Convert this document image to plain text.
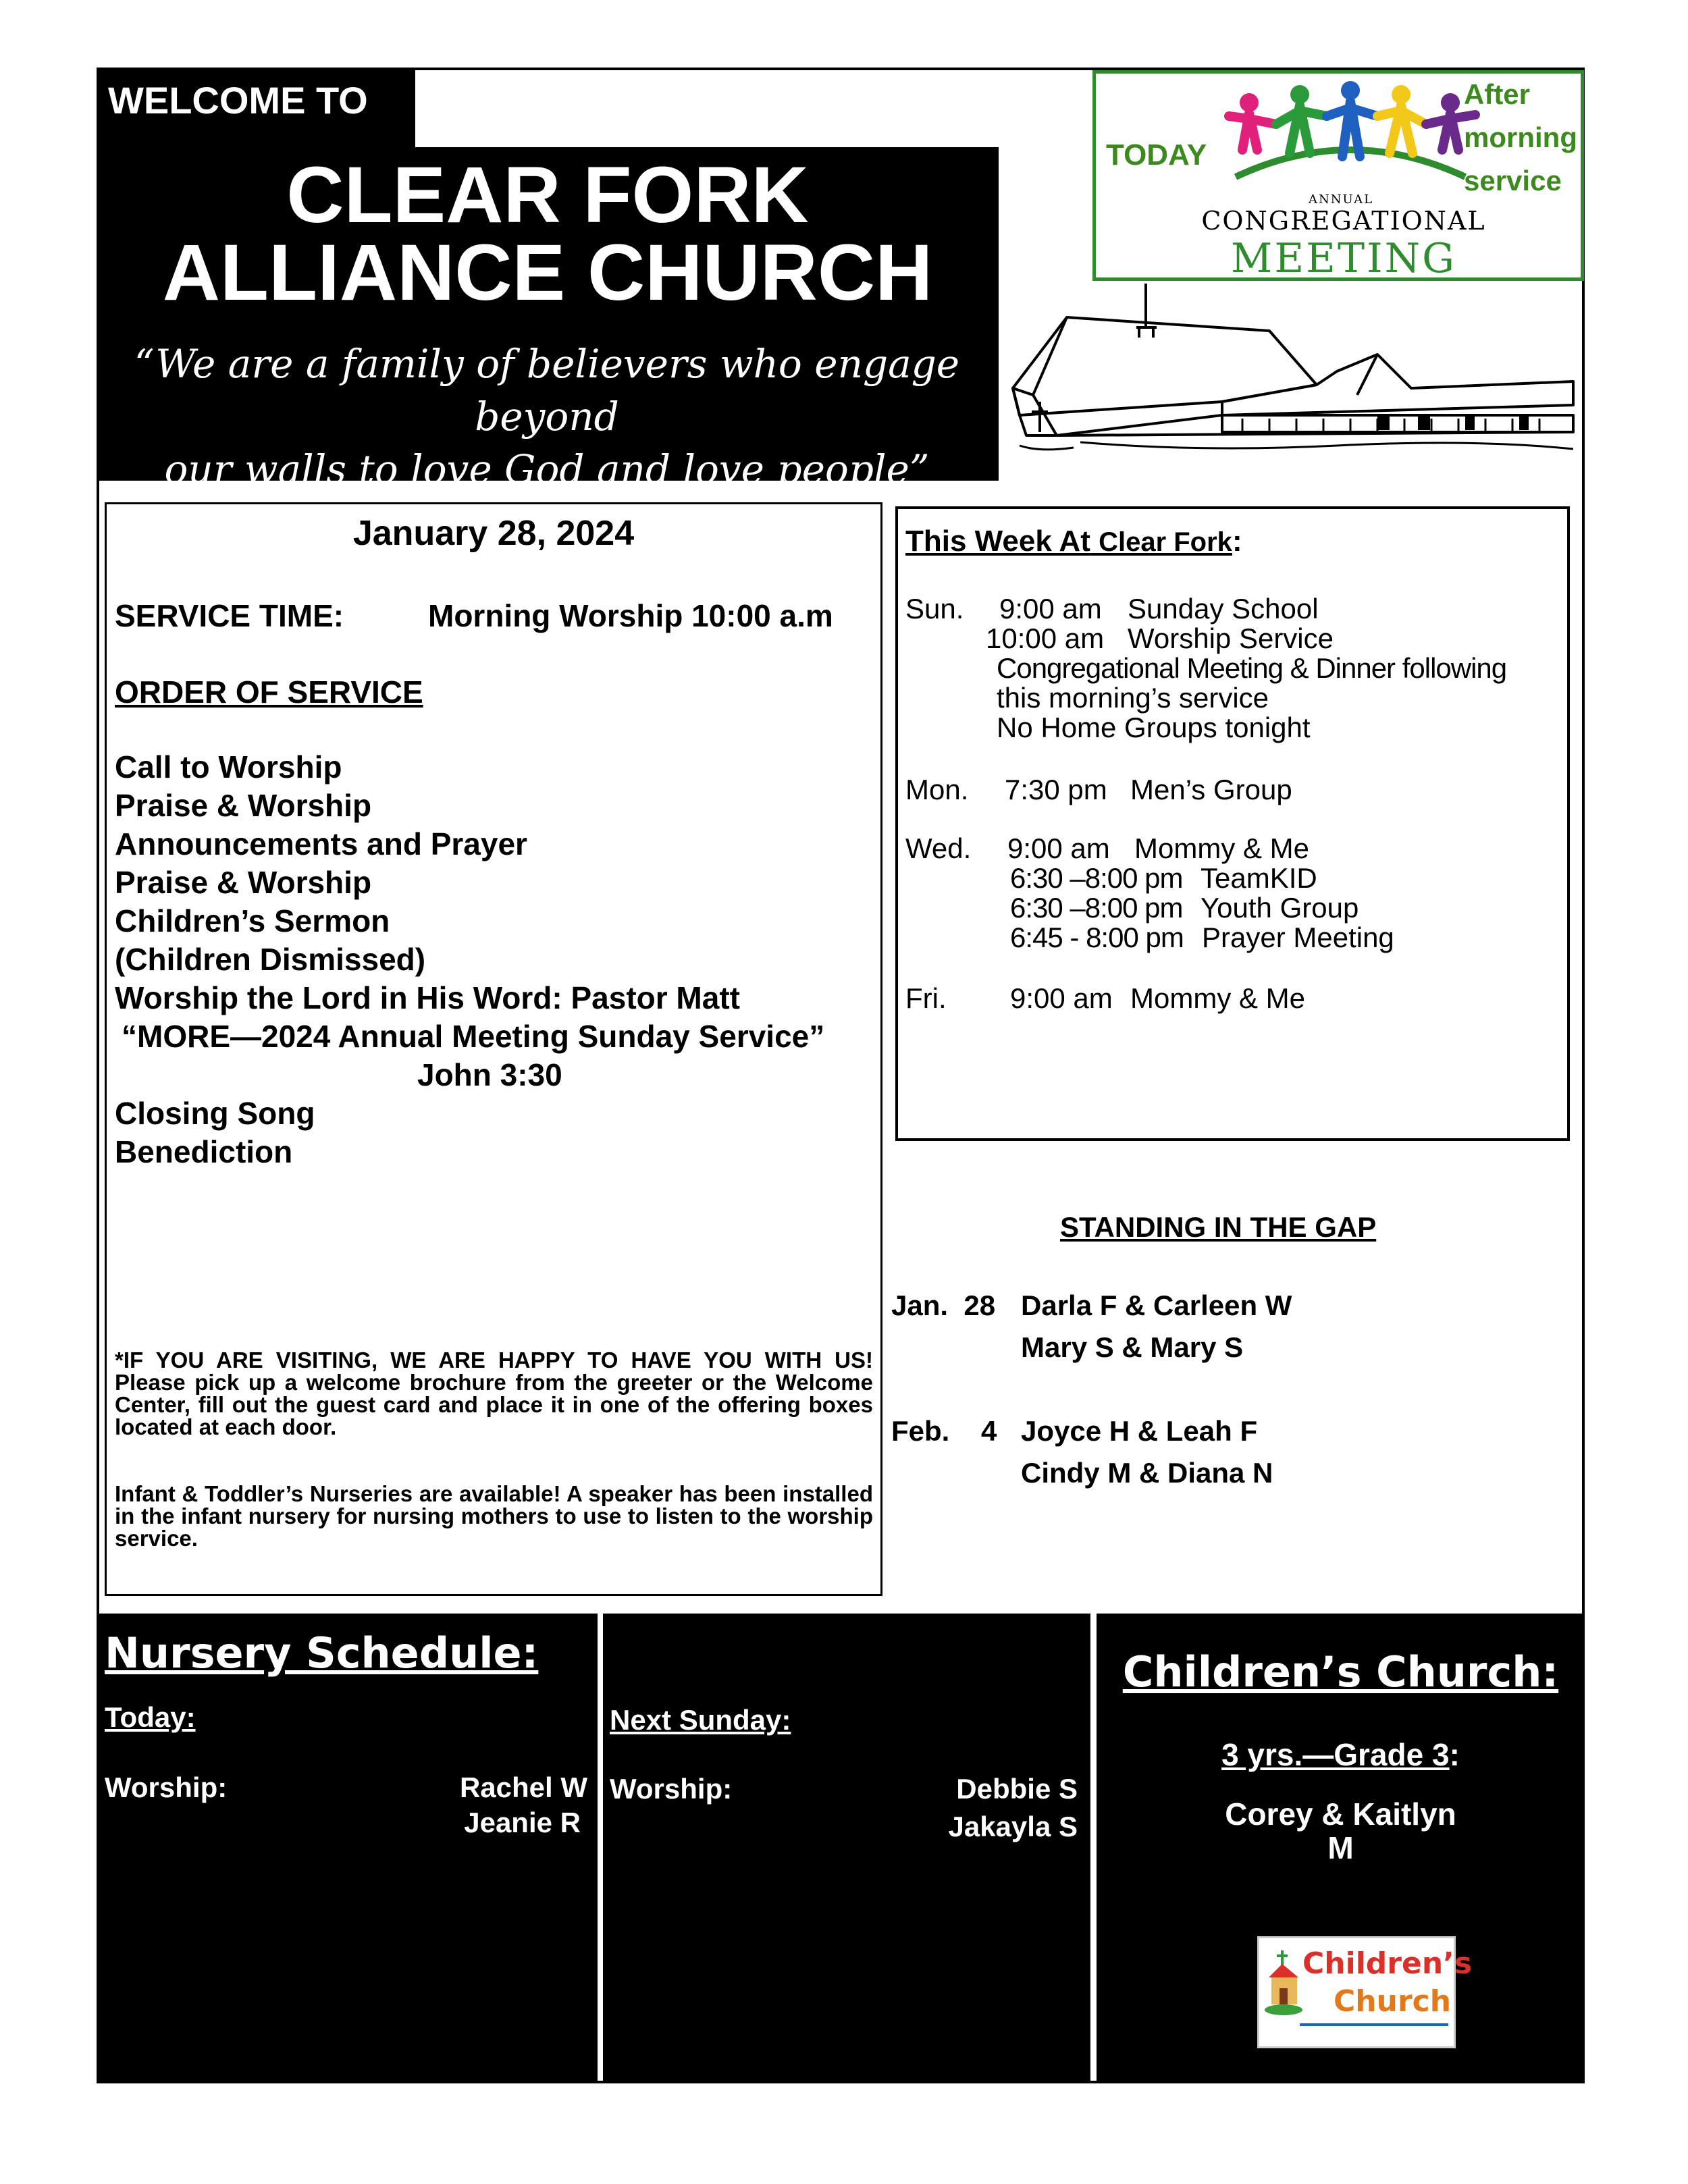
WELCOME TO
CLEAR FORK
ALLIANCE CHURCH
“We are a family of believers who engage beyond
our walls to love God and love people”
TODAY
After
morning
service
ANNUAL
CONGREGATIONAL
MEETING
January 28, 2024
SERVICE TIME:	Morning Worship 10:00 a.m
ORDER OF SERVICE
Call to Worship
Praise & Worship
Announcements and Prayer
Praise & Worship
Children’s Sermon
(Children Dismissed)
Worship the Lord in His Word: Pastor Matt
“MORE—2024 Annual Meeting Sunday Service”
John 3:30
Closing Song
Benediction
*IF YOU ARE VISITING, WE ARE HAPPY TO HAVE YOU WITH US! Please pick up a welcome brochure from the greeter or the Welcome Center, fill out the guest card and place it in one of the offering boxes located at each door.
Infant & Toddler’s Nurseries are available! A speaker has been installed in the infant nursery for nursing mothers to use to listen to the worship service.
This Week At Clear Fork:
Sun. 9:00 am Sunday School
10:00 am Worship Service
Congregational Meeting & Dinner following
this morning’s service
No Home Groups tonight
Mon. 7:30 pm Men’s Group
Wed. 9:00 am Mommy & Me
6:30 –8:00 pm TeamKID
6:30 –8:00 pm Youth Group
6:45 - 8:00 pm Prayer Meeting
Fri. 9:00 am Mommy & Me
STANDING IN THE GAP
Jan.  28 Darla F & Carleen W
Mary S & Mary S
Feb.    4 Joyce H & Leah F
Cindy M & Diana N
Nursery Schedule:
Today:
Worship:	Rachel W
Jeanie R
Next Sunday:
Worship:	Debbie S
Jakayla S
Children’s Church:
3 yrs.—Grade 3:
Corey & Kaitlyn
M
Children’s
Church
